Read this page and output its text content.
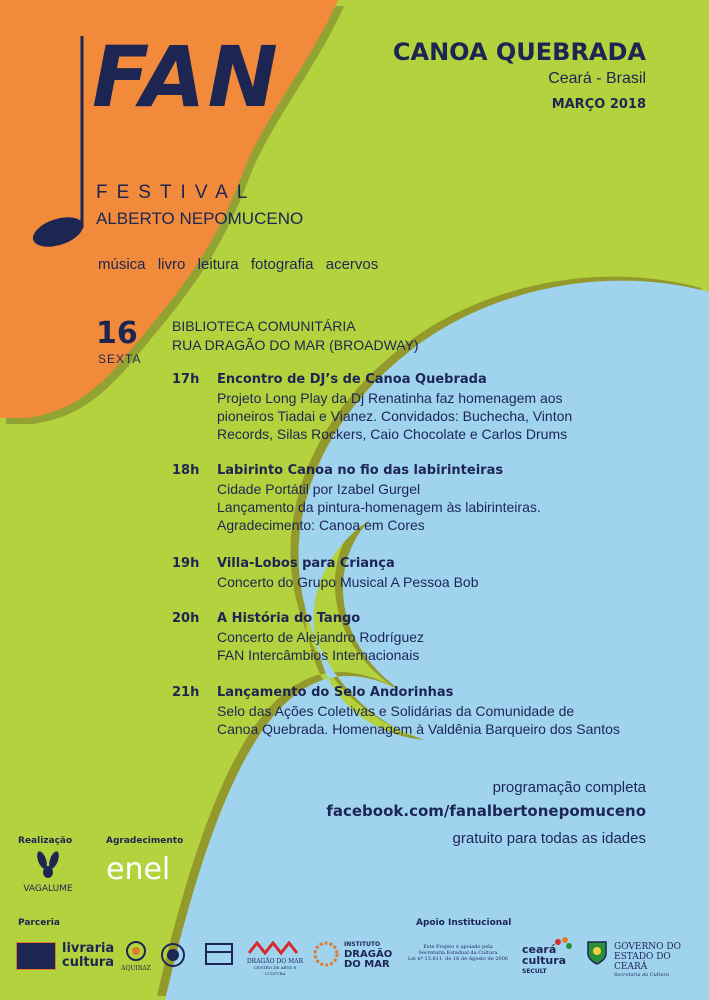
FAN
FESTIVAL
ALBERTO NEPOMUCENO
música  livro  leitura  fotografia  acervos
CANOA QUEBRADA
Ceará - Brasil
MARÇO 2018
16
SEXTA
BIBLIOTECA COMUNITÁRIA
RUA DRAGÃO DO MAR (BROADWAY)
17h Encontro de DJ’s de Canoa Quebrada
Projeto Long Play da Dj Renatinha faz homenagem aos
pioneiros Tiadai e Vianez. Convidados: Buchecha, Vinton
Records, Silas Rockers, Caio Chocolate e Carlos Drums
18h Labirinto Canoa no fio das labirinteiras
Cidade Portátil por Izabel Gurgel
Lançamento da pintura-homenagem às labirinteiras.
Agradecimento: Canoa em Cores
19h Villa-Lobos para Criança
Concerto do Grupo Musical A Pessoa Bob
20h A História do Tango
Concerto de Alejandro Rodríguez
FAN Intercâmbios Internacionais
21h Lançamento do Selo Andorinhas
Selo das Ações Coletivas e Solidárias da Comunidade de
Canoa Quebrada. Homenagem à Valdênia Barqueiro dos Santos
programação completa
facebook.com/fanalbertonepomuceno
gratuito para todas as idades
Realização
VAGALUME
Agradecimento
enel
Parceria	Apoio Institucional
livraria
cultura	AQUIRAZ
DRAGÃO DO MAR
CENTRO DE ARTE E CULTURA
INSTITUTO
DRAGÃO
DO MAR
Este Projeto é apoiado pela
Secretaria Estadual da Cultura
Lei nº 13.811, de 16 de Agosto de 2006
ceará
cultura
SECULT
GOVERNO DO
ESTADO DO CEARÁ
Secretaria da Cultura
